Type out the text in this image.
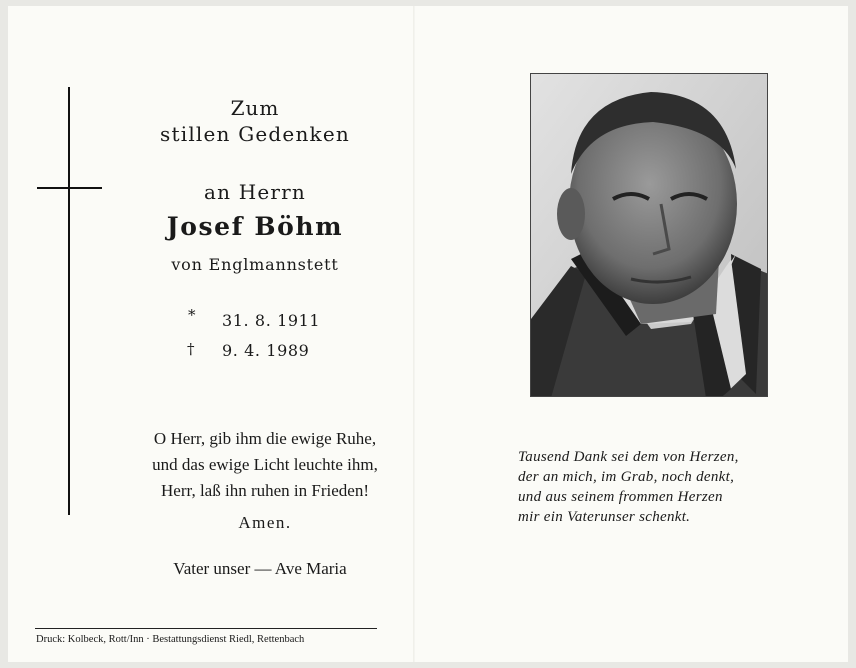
Zum
stillen Gedenken
an Herrn
Josef Böhm
von Englmannstett
* 31. 8. 1911
† 9. 4. 1989
O Herr, gib ihm die ewige Ruhe,
und das ewige Licht leuchte ihm,
Herr, laß ihn ruhen in Frieden!
Amen.
Vater unser — Ave Maria
Druck: Kolbeck, Rott/Inn · Bestattungsdienst Riedl, Rettenbach
Tausend Dank sei dem von Herzen,
der an mich, im Grab, noch denkt,
und aus seinem frommen Herzen
mir ein Vaterunser schenkt.
